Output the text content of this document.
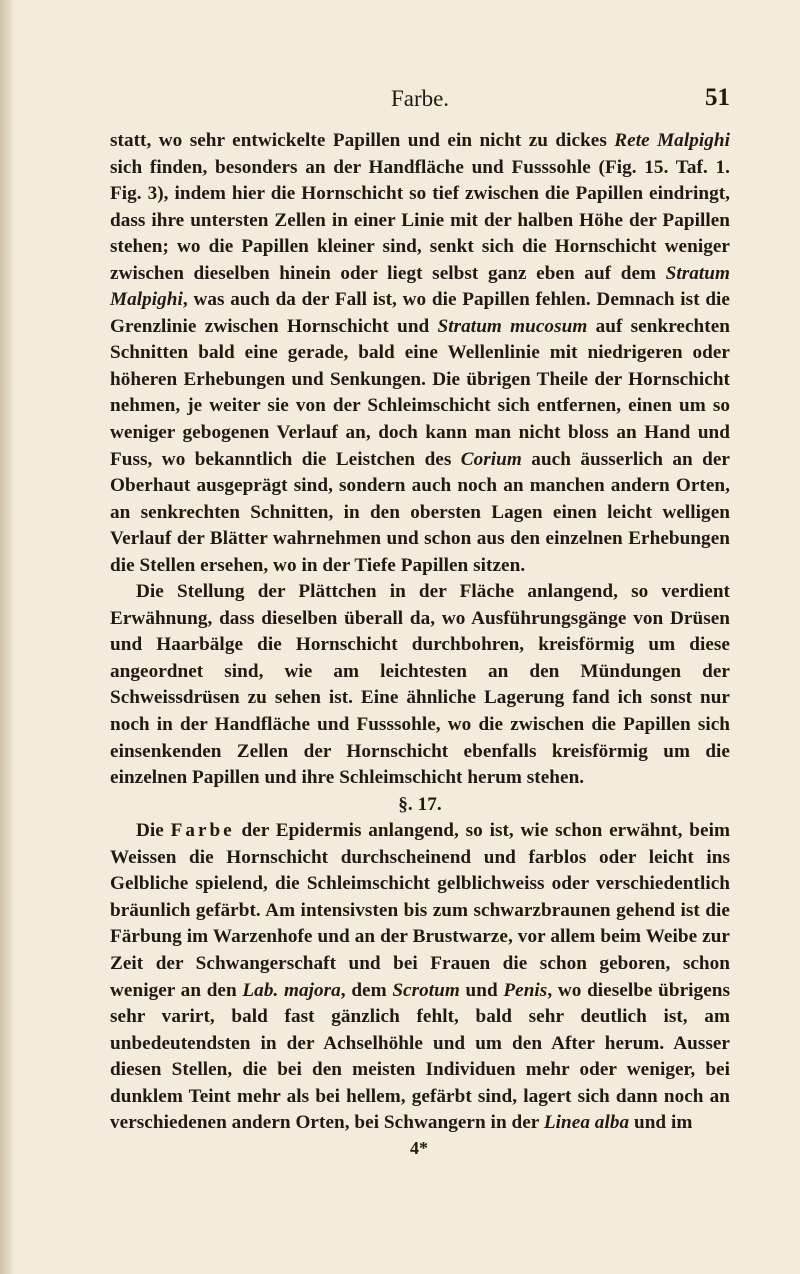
Farbe.	51

statt, wo sehr entwickelte Papillen und ein nicht zu dickes Rete Malpighi sich finden, besonders an der Handfläche und Fusssohle (Fig. 15. Taf. 1. Fig. 3), indem hier die Hornschicht so tief zwischen die Papillen eindringt, dass ihre untersten Zellen in einer Linie mit der halben Höhe der Papillen stehen; wo die Papillen kleiner sind, senkt sich die Hornschicht weniger zwischen dieselben hinein oder liegt selbst ganz eben auf dem Stratum Malpighi, was auch da der Fall ist, wo die Papillen fehlen. Demnach ist die Grenzlinie zwischen Hornschicht und Stratum mucosum auf senkrechten Schnitten bald eine gerade, bald eine Wellenlinie mit niedrigeren oder höheren Erhebungen und Senkungen. Die übrigen Theile der Hornschicht nehmen, je weiter sie von der Schleimschicht sich entfernen, einen um so weniger gebogenen Verlauf an, doch kann man nicht bloss an Hand und Fuss, wo bekanntlich die Leistchen des Corium auch äusserlich an der Oberhaut ausgeprägt sind, sondern auch noch an manchen andern Orten, an senkrechten Schnitten, in den obersten Lagen einen leicht welligen Verlauf der Blätter wahrnehmen und schon aus den einzelnen Erhebungen die Stellen ersehen, wo in der Tiefe Papillen sitzen.

Die Stellung der Plättchen in der Fläche anlangend, so verdient Erwähnung, dass dieselben überall da, wo Ausführungsgänge von Drüsen und Haarbälge die Hornschicht durchbohren, kreisförmig um diese angeordnet sind, wie am leichtesten an den Mündungen der Schweissdrüsen zu sehen ist. Eine ähnliche Lagerung fand ich sonst nur noch in der Handfläche und Fusssohle, wo die zwischen die Papillen sich einsenkenden Zellen der Hornschicht ebenfalls kreisförmig um die einzelnen Papillen und ihre Schleimschicht herum stehen.

§. 17.

Die Farbe der Epidermis anlangend, so ist, wie schon erwähnt, beim Weissen die Hornschicht durchscheinend und farblos oder leicht ins Gelbliche spielend, die Schleimschicht gelblichweiss oder verschiedentlich bräunlich gefärbt. Am intensivsten bis zum schwarzbraunen gehend ist die Färbung im Warzenhofe und an der Brustwarze, vor allem beim Weibe zur Zeit der Schwangerschaft und bei Frauen die schon geboren, schon weniger an den Lab. majora, dem Scrotum und Penis, wo dieselbe übrigens sehr varirt, bald fast gänzlich fehlt, bald sehr deutlich ist, am unbedeutendsten in der Achselhöhle und um den After herum. Ausser diesen Stellen, die bei den meisten Individuen mehr oder weniger, bei dunklem Teint mehr als bei hellem, gefärbt sind, lagert sich dann noch an verschiedenen andern Orten, bei Schwangern in der Linea alba und im

4*
